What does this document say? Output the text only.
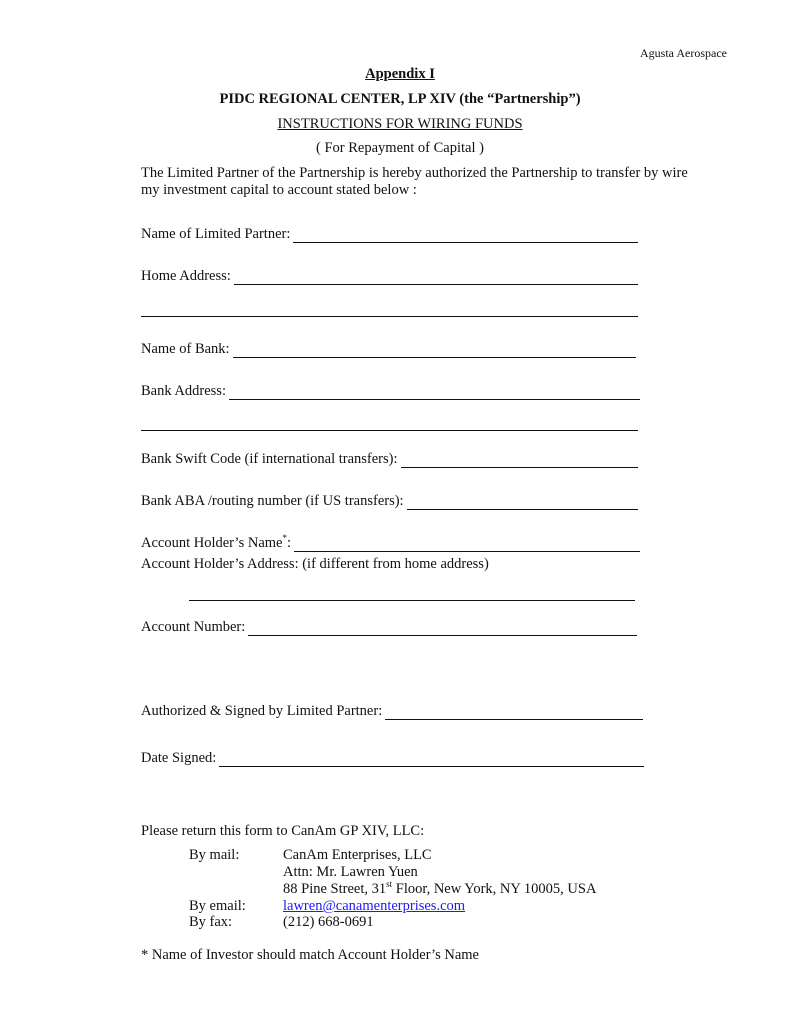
Agusta Aerospace
Appendix I
PIDC REGIONAL CENTER, LP XIV (the “Partnership”)
INSTRUCTIONS FOR WIRING FUNDS
( For Repayment of Capital )
The Limited Partner of the Partnership is hereby authorized the Partnership to transfer by wire
my investment capital to account stated below :
Name of Limited Partner:
Home Address:
Name of Bank:
Bank Address:
Bank Swift Code (if international transfers):
Bank ABA /routing number (if US transfers):
Account Holder’s Name*:
Account Holder’s Address: (if different from home address)
Account Number:
Authorized & Signed by Limited Partner:
Date Signed:
Please return this form to CanAm GP XIV, LLC:
By mail:	CanAm Enterprises, LLC
Attn: Mr. Lawren Yuen
88 Pine Street, 31st Floor, New York, NY 10005, USA
By email:	lawren@canamenterprises.com
By fax:	(212) 668-0691
* Name of Investor should match Account Holder’s Name
